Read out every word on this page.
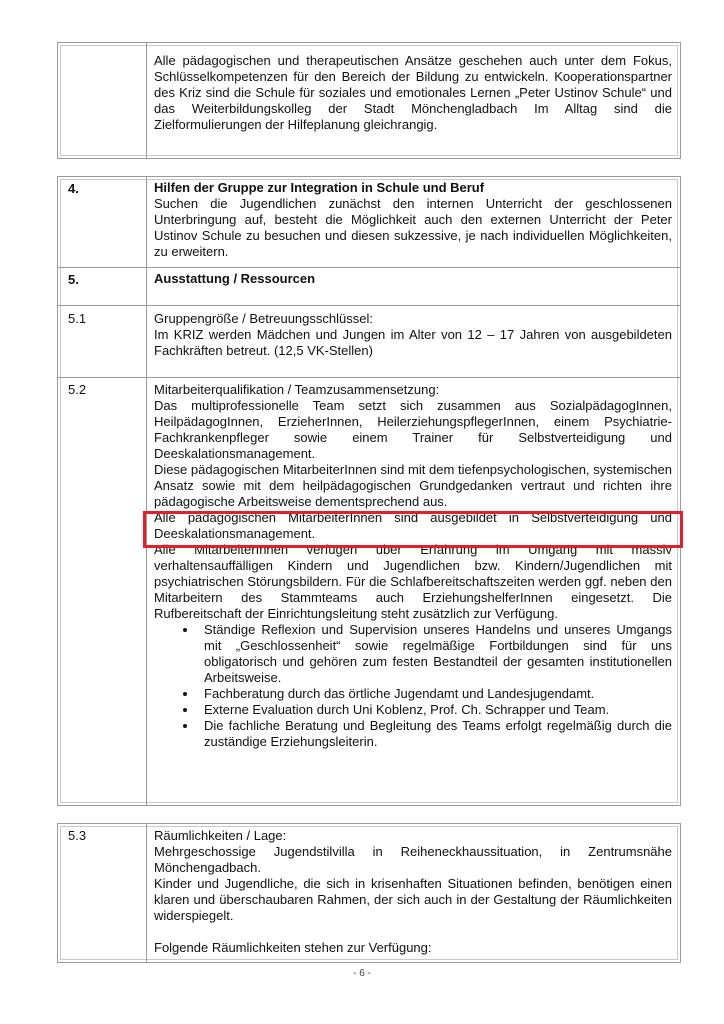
Alle pädagogischen und therapeutischen Ansätze geschehen auch unter dem Fokus, Schlüsselkompetenzen für den Bereich der Bildung zu entwickeln. Kooperationspartner des Kriz sind die Schule für soziales und emotionales Lernen „Peter Ustinov Schule“ und das Weiterbildungskolleg der Stadt Mönchengladbach Im Alltag sind die Zielformulierungen der Hilfeplanung gleichrangig.
4.	Hilfen der Gruppe zur Integration in Schule und Beruf

Suchen die Jugendlichen zunächst den internen Unterricht der geschlossenen Unterbringung auf, besteht die Möglichkeit auch den externen Unterricht der Peter Ustinov Schule zu besuchen und diesen sukzessive, je nach individuellen Möglichkeiten, zu erweitern.

5.	Ausstattung / Ressourcen
5.1	Gruppengröße / Betreuungsschlüssel:

Im KRIZ werden Mädchen und Jungen im Alter von 12 – 17 Jahren von ausgebildeten Fachkräften betreut. (12,5 VK-Stellen)

5.2	Mitarbeiterqualifikation / Teamzusammensetzung:

Das multiprofessionelle Team setzt sich zusammen aus SozialpädagogInnen, HeilpädagogInnen, ErzieherInnen, HeilerziehungspflegerInnen, einem Psychiatrie-Fachkrankenpfleger sowie einem Trainer für Selbstverteidigung und Deeskalationsmanagement.

Diese pädagogischen MitarbeiterInnen sind mit dem tiefenpsychologischen, systemischen Ansatz sowie mit dem heilpädagogischen Grundgedanken vertraut und richten ihre pädagogische Arbeitsweise dementsprechend aus.

Alle pädagogischen MitarbeiterInnen sind ausgebildet in Selbstverteidigung und Deeskalationsmanagement.

Alle MitarbeiterInnen verfügen über Erfahrung im Umgang mit massiv verhaltensauffälligen Kindern und Jugendlichen bzw. Kindern/Jugendlichen mit psychiatrischen Störungsbildern. Für die Schlafbereitschaftszeiten werden ggf. neben den Mitarbeitern des Stammteams auch ErziehungshelferInnen eingesetzt. Die Rufbereitschaft der Einrichtungsleitung steht zusätzlich zur Verfügung.

• Ständige Reflexion und Supervision unseres Handelns und unseres Umgangs mit „Geschlossenheit“ sowie regelmäßige Fortbildungen sind für uns obligatorisch und gehören zum festen Bestandteil der gesamten institutionellen Arbeitsweise.
• Fachberatung durch das örtliche Jugendamt und Landesjugendamt.
• Externe Evaluation durch Uni Koblenz, Prof. Ch. Schrapper und Team.
• Die fachliche Beratung und Begleitung des Teams erfolgt regelmäßig durch die zuständige Erziehungsleiterin.
5.3	Räumlichkeiten / Lage:

Mehrgeschossige Jugendstilvilla in Reiheneckhaussituation, in Zentrumsnähe Mönchengadbach.

Kinder und Jugendliche, die sich in krisenhaften Situationen befinden, benötigen einen klaren und überschaubaren Rahmen, der sich auch in der Gestaltung der Räumlichkeiten widerspiegelt.

Folgende Räumlichkeiten stehen zur Verfügung:

- 6 -
